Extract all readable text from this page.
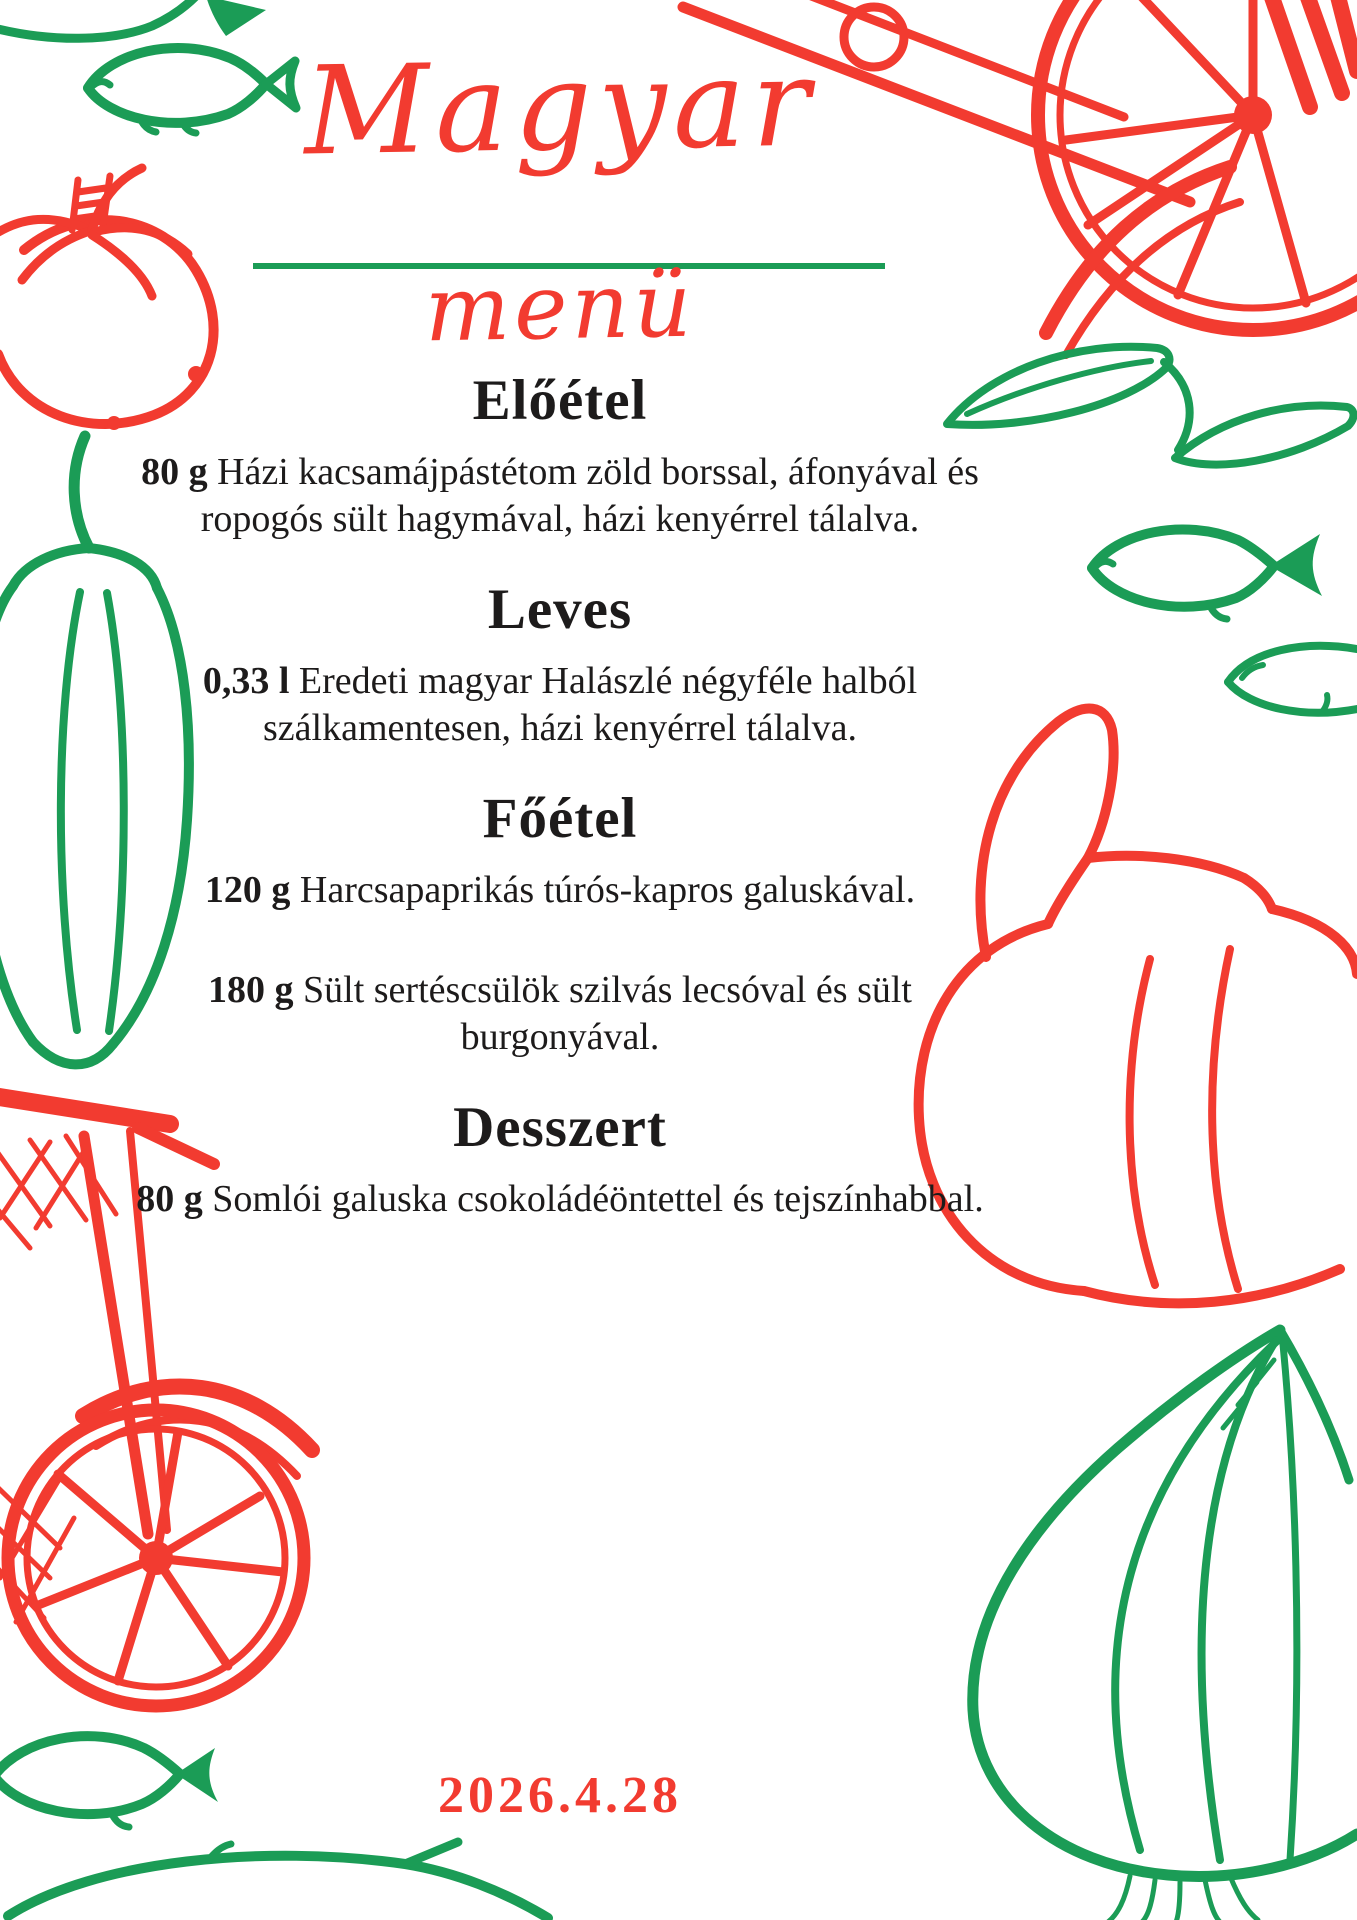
Magyar
menü
Előétel

80 g Házi kacsamájpástétom zöld borssal, áfonyával és ropogós sült hagymával, házi kenyérrel tálalva.

Leves

0,33 l Eredeti magyar Halászlé négyféle halból szálkamentesen, házi kenyérrel tálalva.

Főétel

120 g Harcsapaprikás túrós-kapros galuskával.

180 g Sült sertéscsülök szilvás lecsóval és sült burgonyával.

Desszert

80 g Somlói galuska csokoládéöntettel és tejszínhabbal.

2026.4.28
